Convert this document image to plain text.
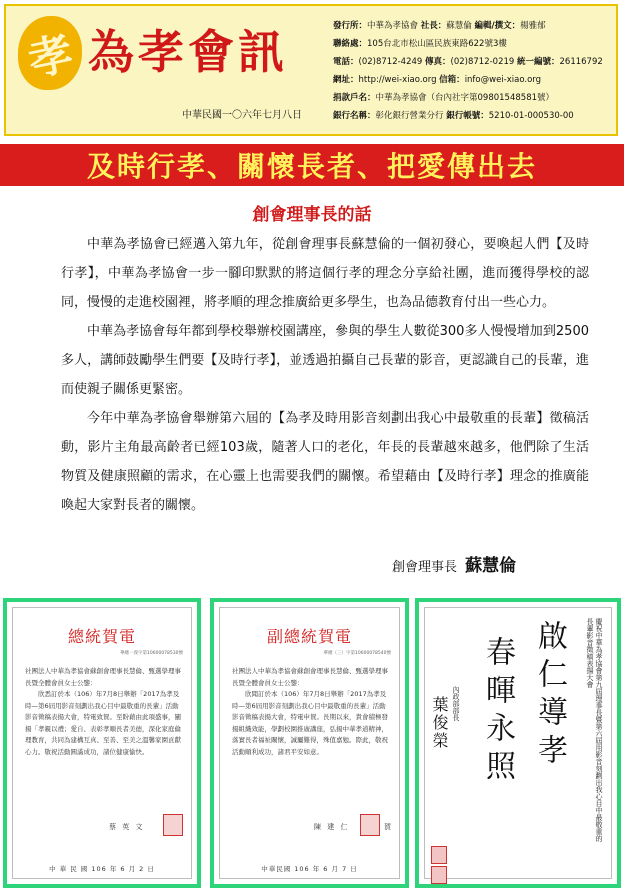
孝 為孝會訊
中華民國一〇六年七月八日
發行所：中華為孝協會 社長：蘇慧倫 編輯/撰文：楊雅郁
聯絡處：105台北市松山區民族東路622號3樓
電話：(02)8712-4249 傳真：(02)8712-0219 統一編號：26116792
網址：http://wei-xiao.org 信箱：info@wei-xiao.org
捐款戶名：中華為孝協會（台內社字第09801548581號）
銀行名稱：彰化銀行營業分行 銀行帳號：5210-01-000530-00
及時行孝、關懷長者、把愛傳出去
創會理事長的話

中華為孝協會已經邁入第九年，從創會理事長蘇慧倫的一個初發心，要喚起人們【及時行孝】，中華為孝協會一步一腳印默默的將這個行孝的理念分享給社團，進而獲得學校的認同，慢慢的走進校園裡，將孝順的理念推廣給更多學生，也為品德教育付出一些心力。

中華為孝協會每年都到學校舉辦校園講座，參與的學生人數從300多人慢慢增加到2500多人，講師鼓勵學生們要【及時行孝】，並透過拍攝自己長輩的影音，更認識自己的長輩，進而使親子關係更緊密。

今年中華為孝協會舉辦第六屆的【為孝及時用影音刻劃出我心中最敬重的長輩】徵稿活動，影片主角最高齡者已經103歲，隨著人口的老化，年長的長輩越來越多，他們除了生活物質及健康照顧的需求，在心靈上也需要我們的關懷。希望藉由【及時行孝】理念的推廣能喚起大家對長者的關懷。

創會理事長 蘇慧倫
總統賀電
華總一義字第10600078530號

社團法人中華為孝協會蘇創會理事長慧倫、甄選學理事長暨全體會員女士公鑒：

欣悉訂於本（106）年7月8日舉辦「2017為孝及時—第6屆用影音刻劃出我心目中最敬重的長輩」活動影音徵稿表揚大會，特電致賀。至盼藉由此項盛事，闡揚「孝親以禮；愛自、表彰孝順長者美德，深化家庭倫理教育，共同為建構互真、至善、至美之溫馨家園貢獻心力。敬祝活動圓滿成功，諸位健康愉快。

蔡 英 文
中 華 民 國 106 年 6 月 2 日
副總統賀電
華總（三）字第10600078540號

社團法人中華為孝協會蘇創會理事長慧倫、甄選學理事長暨全體會員女士公鑒：

欣聞訂於本（106）年7月8日舉辦「2017為孝及時—第6屆用影音刻劃出我心目中最敬重的長輩」活動影音徵稿表揚大會，特電申賀。長期以來，貴會積極發揚組織效能，學劃校園推廣講座，弘揚中華孝道精神，落實長者福祉關懷，誠屬難得，殊值嘉勉。際此，敬祝活動順利成功，諸君平安如意。

陳 建 仁	賀
中華民國 106 年 6 月 7 日
慶祝中華為孝協會第九屆理事長暨第六屆用影音刻劃出我心目中最敬重的長輩影音徵稿表揚大會
啟仁導孝
春暉永照
內政部部長
葉俊榮
